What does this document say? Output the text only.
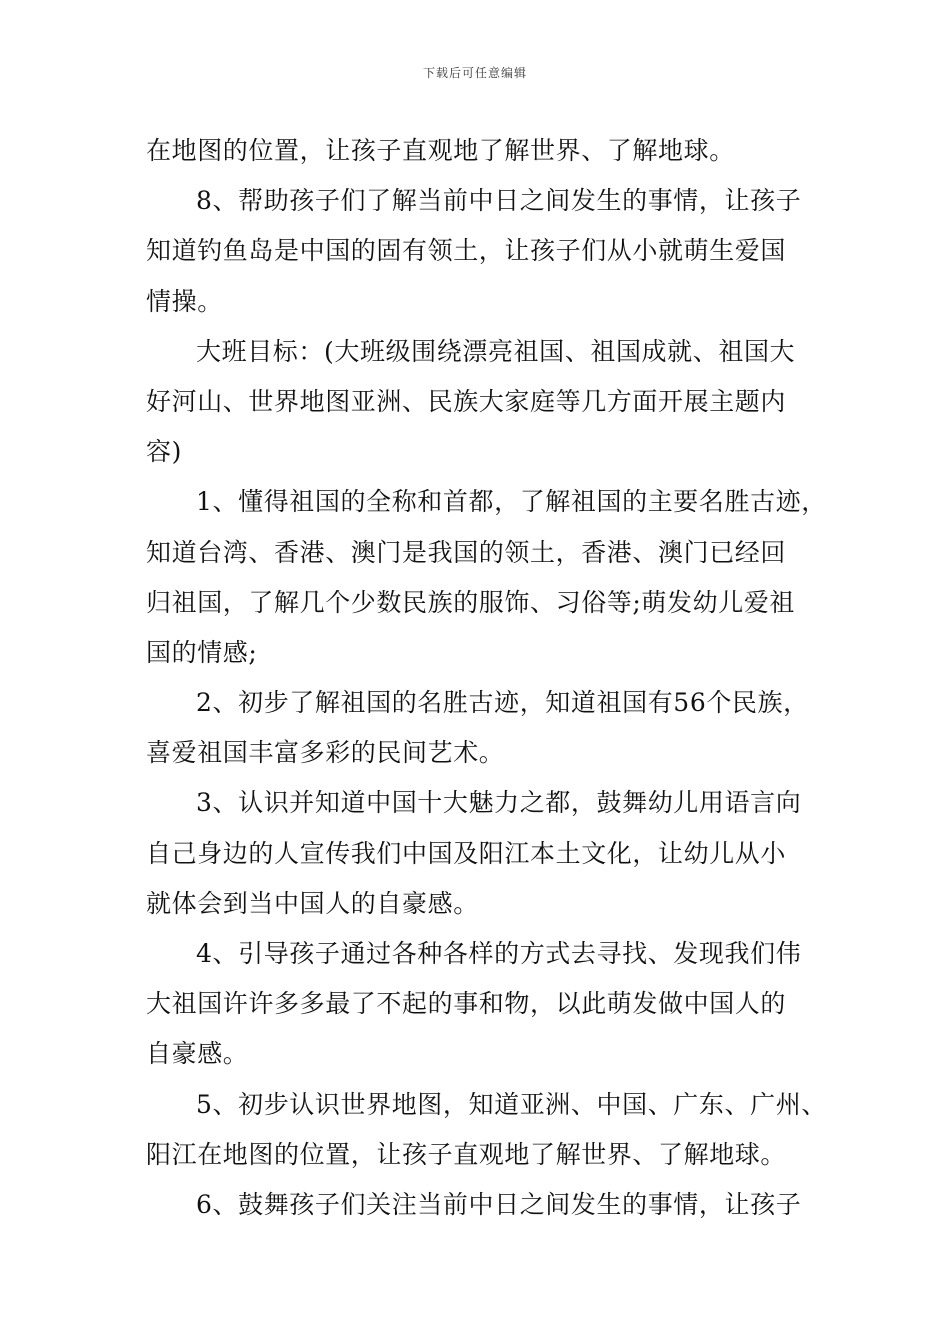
下载后可任意编辑
在地图的位置，让孩子直观地了解世界、了解地球。
8、帮助孩子们了解当前中日之间发生的事情，让孩子
知道钓鱼岛是中国的固有领土，让孩子们从小就萌生爱国
情操。
大班目标：(大班级围绕漂亮祖国、祖国成就、祖国大
好河山、世界地图亚洲、民族大家庭等几方面开展主题内
容)
1、懂得祖国的全称和首都，了解祖国的主要名胜古迹，
知道台湾、香港、澳门是我国的领土，香港、澳门已经回
归祖国，了解几个少数民族的服饰、习俗等;萌发幼儿爱祖
国的情感;
2、初步了解祖国的名胜古迹，知道祖国有56个民族，
喜爱祖国丰富多彩的民间艺术。
3、认识并知道中国十大魅力之都，鼓舞幼儿用语言向
自己身边的人宣传我们中国及阳江本土文化，让幼儿从小
就体会到当中国人的自豪感。
4、引导孩子通过各种各样的方式去寻找、发现我们伟
大祖国许许多多最了不起的事和物，以此萌发做中国人的
自豪感。
5、初步认识世界地图，知道亚洲、中国、广东、广州、
阳江在地图的位置，让孩子直观地了解世界、了解地球。
6、鼓舞孩子们关注当前中日之间发生的事情，让孩子
